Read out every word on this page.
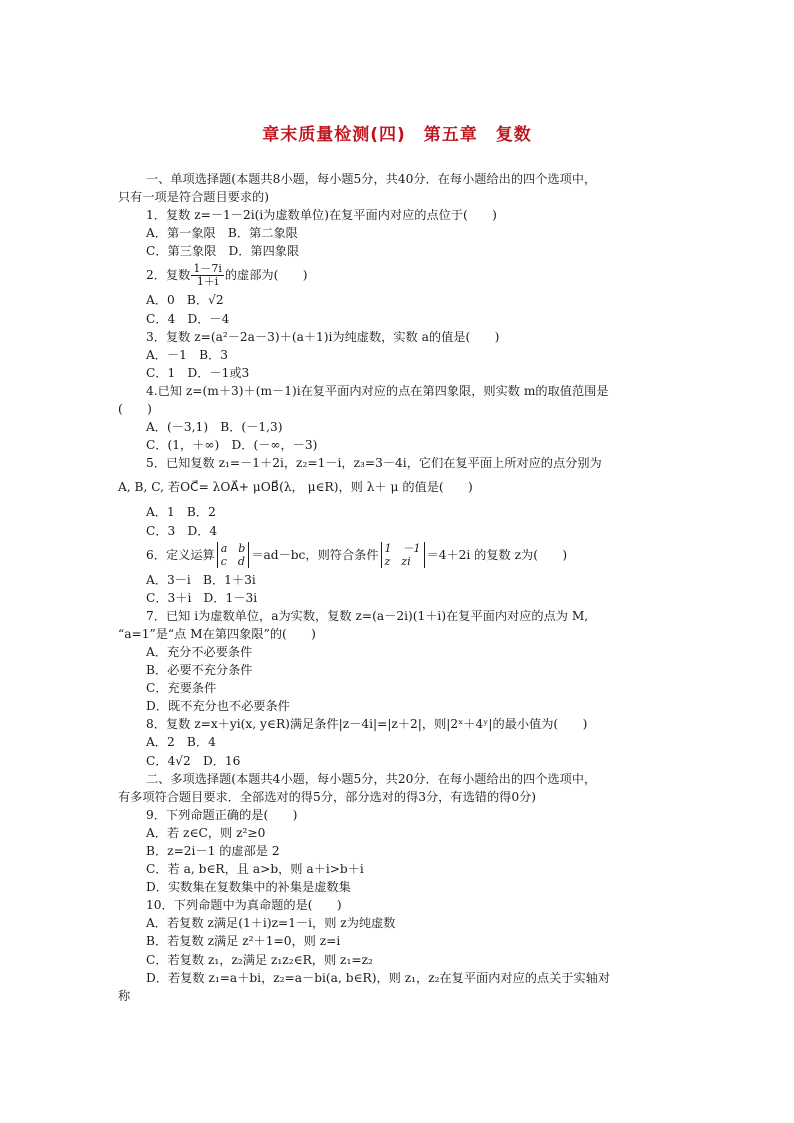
章末质量检测(四)　第五章　复数
一、单项选择题(本题共8小题，每小题5分，共40分．在每小题给出的四个选项中，
只有一项是符合题目要求的)
1．复数 z=－1－2i(i为虚数单位)在复平面内对应的点位于(　　)
A．第一象限　B．第二象限
C．第三象限　D．第四象限
2．复数 $\frac{1-7i}{1+i}$ 的虚部为(　　)
A．0　B．√2
C．4　D．－4
3．复数 z=(a²－2a－3)＋(a＋1)i为纯虚数，实数 a的值是(　　)
A．－1　B．3
C．1　D．－1或3
4.已知 z=(m＋3)＋(m－1)i在复平面内对应的点在第四象限，则实数 m的取值范围是
(　　)
A．(－3,1)　B．(－1,3)
C．(1，＋∞)　D．(－∞，－3)
5．已知复数 z₁=－1＋2i，z₂=1－i，z₃=3－4i，它们在复平面上所对应的点分别为
A, B, C, 若OC⃗= λOA⃗+ μOB⃗(λ， μ∈R)，则 λ＋ μ 的值是(　　)
A．1　B．2
C．3　D．4
6．定义运算 a　b
c　d ＝ad－bc，则符合条件 1　－1
z　zi	＝4＋2i 的复数 z为(　　)
A．3－i　B．1＋3i
C．3＋i　D．1－3i
7．已知 i为虚数单位，a为实数，复数 z=(a－2i)(1＋i)在复平面内对应的点为 M,
“a=1”是“点 M在第四象限”的(　　)
A．充分不必要条件
B．必要不充分条件
C．充要条件
D．既不充分也不必要条件
8．复数 z=x＋yi(x, y∈R)满足条件|z－4i|=|z＋2|，则|2ˣ＋4ʸ|的最小值为(　　)
A．2　B．4
C．4√2　D．16
二、多项选择题(本题共4小题，每小题5分，共20分．在每小题给出的四个选项中，
有多项符合题目要求．全部选对的得5分，部分选对的得3分，有选错的得0分)
9．下列命题正确的是(　　)
A．若 z∈C，则 z²≥0
B．z=2i－1 的虚部是 2
C．若 a, b∈R，且 a>b，则 a＋i>b＋i
D．实数集在复数集中的补集是虚数集
10．下列命题中为真命题的是(　　)
A．若复数 z满足(1＋i)z=1－i，则 z为纯虚数
B．若复数 z满足 z²＋1=0，则 z=i
C．若复数 z₁，z₂满足 z₁z₂∈R，则 z₁=z₂
D．若复数 z₁=a＋bi，z₂=a－bi(a, b∈R)，则 z₁，z₂在复平面内对应的点关于实轴对
称
